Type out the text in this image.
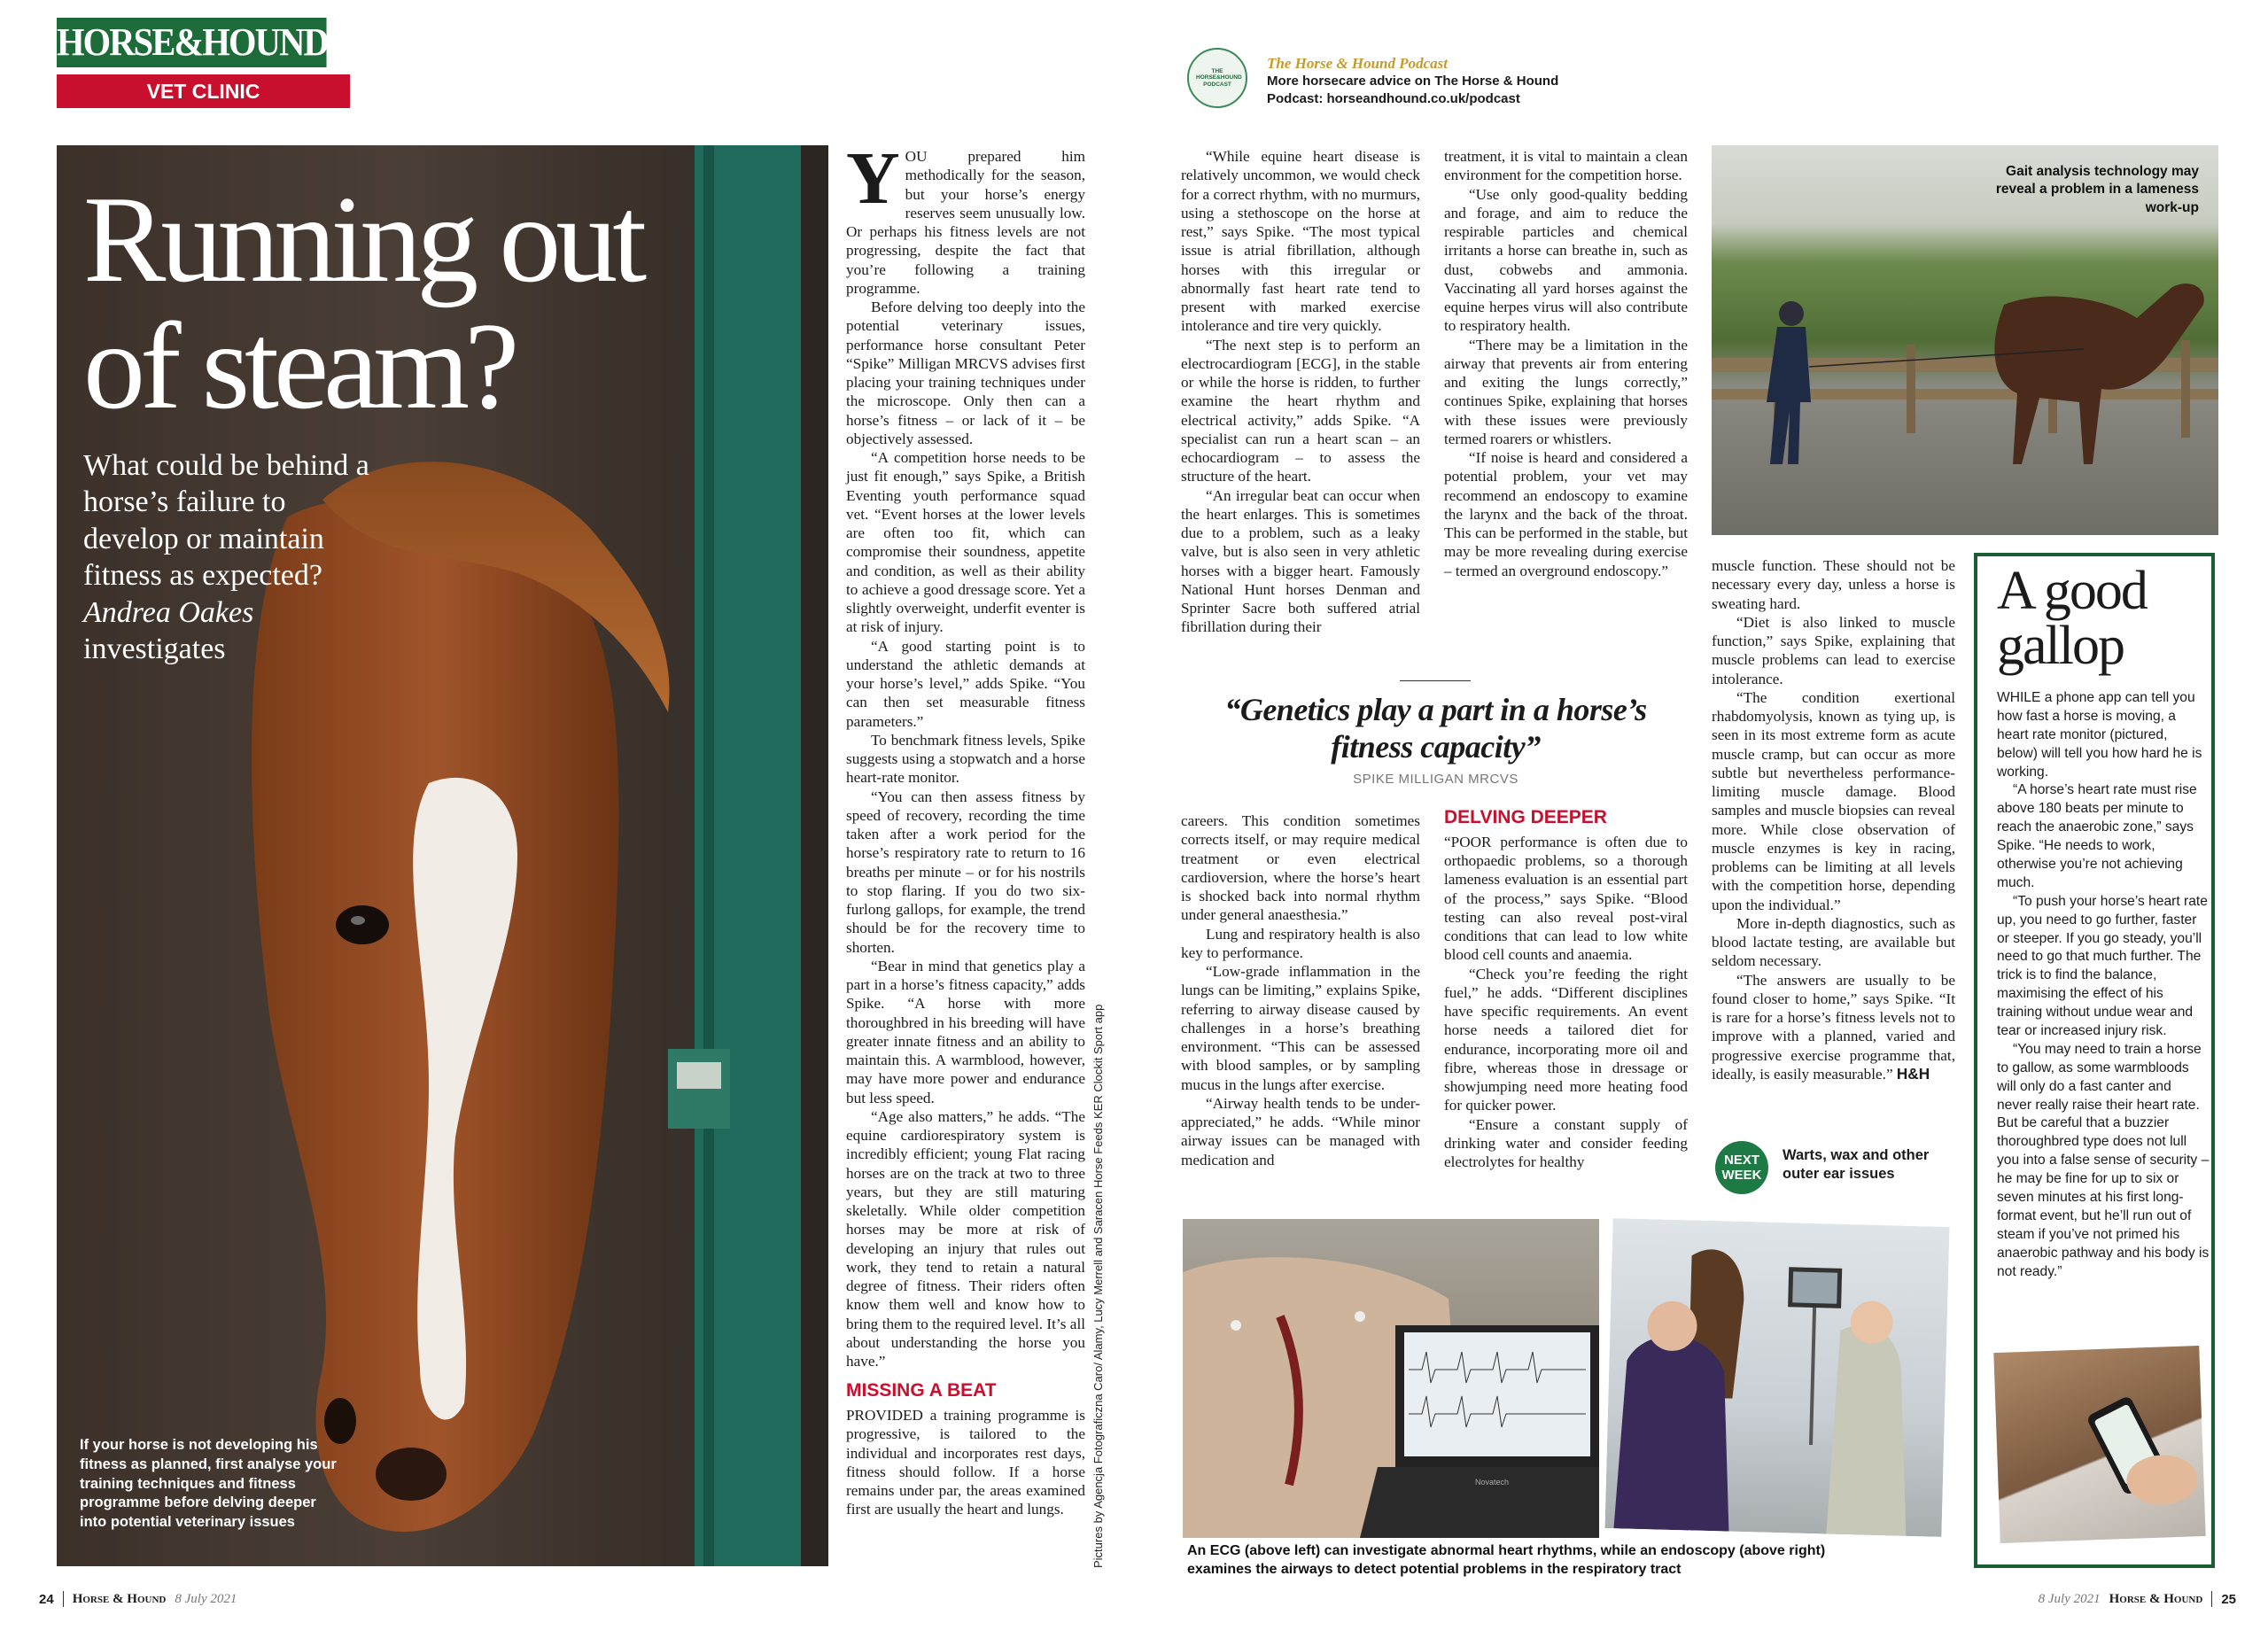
HORSE&HOUND
VET CLINIC
Running out
of steam?
What could be behind a horse’s failure to develop or maintain fitness as expected? Andrea Oakes investigates
If your horse is not developing his fitness as planned, first analyse your training techniques and fitness programme before delving deeper into potential veterinary issues	Pictures by Agencja Fotograficzna Caro/ Alamy, Lucy Merrell and Saracen Horse Feeds KER Clockit Sport app

YOU prepared him methodically for the season, but your horse’s energy reserves seem unusually low. Or perhaps his fitness levels are not progressing, despite the fact that you’re following a training programme.

Before delving too deeply into the potential veterinary issues, performance horse consultant Peter “Spike” Milligan MRCVS advises first placing your training techniques under the microscope. Only then can a horse’s fitness – or lack of it – be objectively assessed.

“A competition horse needs to be just fit enough,” says Spike, a British Eventing youth performance squad vet. “Event horses at the lower levels are often too fit, which can compromise their soundness, appetite and condition, as well as their ability to achieve a good dressage score. Yet a slightly overweight, underfit eventer is at risk of injury.

“A good starting point is to understand the athletic demands at your horse’s level,” adds Spike. “You can then set measurable fitness parameters.”

To benchmark fitness levels, Spike suggests using a stopwatch and a horse heart-rate monitor.

“You can then assess fitness by speed of recovery, recording the time taken after a work period for the horse’s respiratory rate to return to 16 breaths per minute – or for his nostrils to stop flaring. If you do two six-furlong gallops, for example, the trend should be for the recovery time to shorten.

“Bear in mind that genetics play a part in a horse’s fitness capacity,” adds Spike. “A horse with more thoroughbred in his breeding will have greater innate fitness and an ability to maintain this. A warmblood, however, may have more power and endurance but less speed.

“Age also matters,” he adds. “The equine cardiorespiratory system is incredibly efficient; young Flat racing horses are on the track at two to three years, but they are still maturing skeletally. While older competition horses may be more at risk of developing an injury that rules out work, they tend to retain a natural degree of fitness. Their riders often know them well and know how to bring them to the required level. It’s all about understanding the horse you have.”

MISSING A BEAT

PROVIDED a training programme is progressive, is tailored to the individual and incorporates rest days, fitness should follow. If a horse remains under par, the areas examined first are usually the heart and lungs.

24 Horse & Hound 8 July 2021
THE HORSE&HOUND PODCAST
The Horse & Hound Podcast
More horsecare advice on The Horse & Hound
Podcast: horseandhound.co.uk/podcast

“While equine heart disease is relatively uncommon, we would check for a correct rhythm, with no murmurs, using a stethoscope on the horse at rest,” says Spike. “The most typical issue is atrial fibrillation, although horses with this irregular or abnormally fast heart rate tend to present with marked exercise intolerance and tire very quickly.

“The next step is to perform an electrocardiogram [ECG], in the stable or while the horse is ridden, to further examine the heart rhythm and electrical activity,” adds Spike. “A specialist can run a heart scan – an echocardiogram – to assess the structure of the heart.

“An irregular beat can occur when the heart enlarges. This is sometimes due to a problem, such as a leaky valve, but is also seen in very athletic horses with a bigger heart. Famously National Hunt horses Denman and Sprinter Sacre both suffered atrial fibrillation during their

treatment, it is vital to maintain a clean environment for the competition horse.

“Use only good-quality bedding and forage, and aim to reduce the respirable particles and chemical irritants a horse can breathe in, such as dust, cobwebs and ammonia. Vaccinating all yard horses against the equine herpes virus will also contribute to respiratory health.

“There may be a limitation in the airway that prevents air from entering and exiting the lungs correctly,” continues Spike, explaining that horses with these issues were previously termed roarers or whistlers.

“If noise is heard and considered a potential problem, your vet may recommend an endoscopy to examine the larynx and the back of the throat. This can be performed in the stable, but may be more revealing during exercise – termed an overground endoscopy.”

“Genetics play a part in a horse’s fitness capacity”
SPIKE MILLIGAN MRCVS

careers. This condition sometimes corrects itself, or may require medical treatment or even electrical cardioversion, where the horse’s heart is shocked back into normal rhythm under general anaesthesia.”

Lung and respiratory health is also key to performance.

“Low-grade inflammation in the lungs can be limiting,” explains Spike, referring to airway disease caused by challenges in a horse’s breathing environment. “This can be assessed with blood samples, or by sampling mucus in the lungs after exercise.

“Airway health tends to be under-appreciated,” he adds. “While minor airway issues can be managed with medication and

DELVING DEEPER

“POOR performance is often due to orthopaedic problems, so a thorough lameness evaluation is an essential part of the process,” says Spike. “Blood testing can also reveal post-viral conditions that can lead to low white blood cell counts and anaemia.

“Check you’re feeding the right fuel,” he adds. “Different disciplines have specific requirements. An event horse needs a tailored diet for endurance, incorporating more oil and fibre, whereas those in dressage or showjumping need more heating food for quicker power.

“Ensure a constant supply of drinking water and consider feeding electrolytes for healthy

Gait analysis technology may reveal a problem in a lameness work-up

muscle function. These should not be necessary every day, unless a horse is sweating hard.

“Diet is also linked to muscle function,” says Spike, explaining that muscle problems can lead to exercise intolerance.

“The condition exertional rhabdomyolysis, known as tying up, is seen in its most extreme form as acute muscle cramp, but can occur as more subtle but nevertheless performance-limiting muscle damage. Blood samples and muscle biopsies can reveal more. While close observation of muscle enzymes is key in racing, problems can be limiting at all levels with the competition horse, depending upon the individual.”

More in-depth diagnostics, such as blood lactate testing, are available but seldom necessary.

“The answers are usually to be found closer to home,” says Spike. “It is rare for a horse’s fitness levels not to improve with a planned, varied and progressive exercise programme that, ideally, is easily measurable.” H&H

NEXT
WEEK
Warts, wax and other outer ear issues
A good
gallop

WHILE a phone app can tell you how fast a horse is moving, a heart rate monitor (pictured, below) will tell you how hard he is working.

“A horse’s heart rate must rise above 180 beats per minute to reach the anaerobic zone,” says Spike. “He needs to work, otherwise you’re not achieving much.

“To push your horse’s heart rate up, you need to go further, faster or steeper. If you go steady, you’ll need to go that much further. The trick is to find the balance, maximising the effect of his training without undue wear and tear or increased injury risk.

“You may need to train a horse to gallow, as some warmbloods will only do a fast canter and never really raise their heart rate. But be careful that a buzzier thoroughbred type does not lull you into a false sense of security – he may be fine for up to six or seven minutes at his first long-format event, but he’ll run out of steam if you’ve not primed his anaerobic pathway and his body is not ready.”

Novatech
An ECG (above left) can investigate abnormal heart rhythms, while an endoscopy (above right)
examines the airways to detect potential problems in the respiratory tract
8 July 2021 Horse & Hound 25
